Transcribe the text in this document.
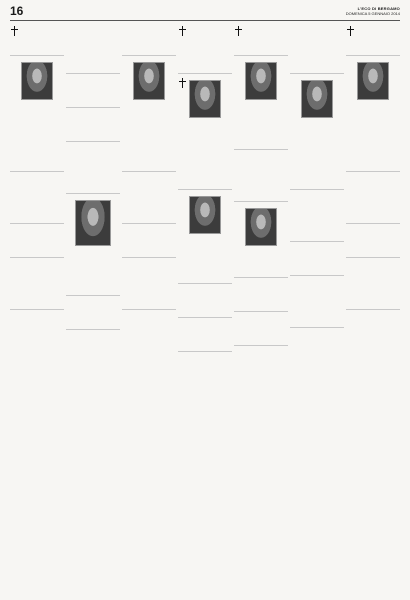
16	L'ECO DI BERGAMO
DOMENICA 5 GENNAIO 2014
